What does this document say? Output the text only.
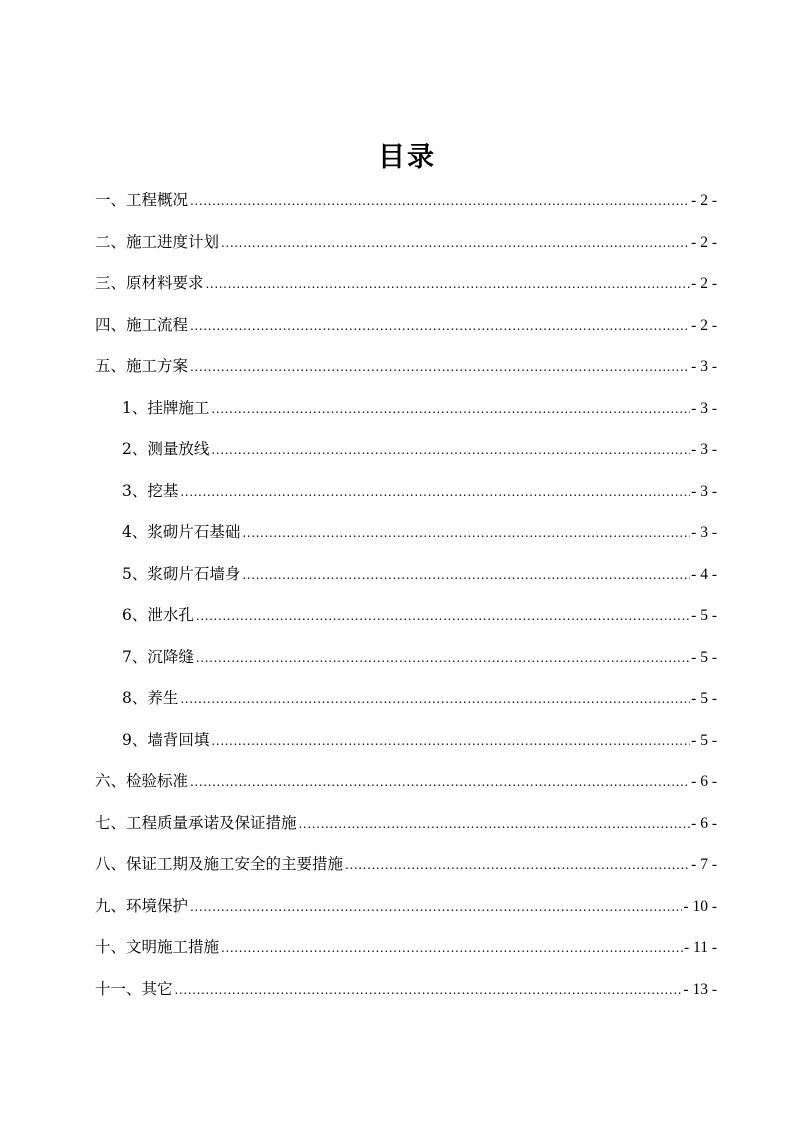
目录
一、工程概况 .....	- 2 -
二、施工进度计划 .....	- 2 -
三、原材料要求 .....	- 2 -
四、施工流程 .....	- 2 -
五、施工方案 .....	- 3 -
1、挂牌施工 .....	- 3 -
2、测量放线 .....	- 3 -
3、挖基 .....	- 3 -
4、浆砌片石基础 .....	- 3 -
5、浆砌片石墙身 .....	- 4 -
6、泄水孔 .....	- 5 -
7、沉降缝 .....	- 5 -
8、养生 .....	- 5 -
9、墙背回填 .....	- 5 -
六、检验标准 .....	- 6 -
七、工程质量承诺及保证措施 .....	- 6 -
八、保证工期及施工安全的主要措施 .....	- 7 -
九、环境保护 .....	- 10 -
十、文明施工措施 .....	- 11 -
十一、其它 .....	- 13 -
